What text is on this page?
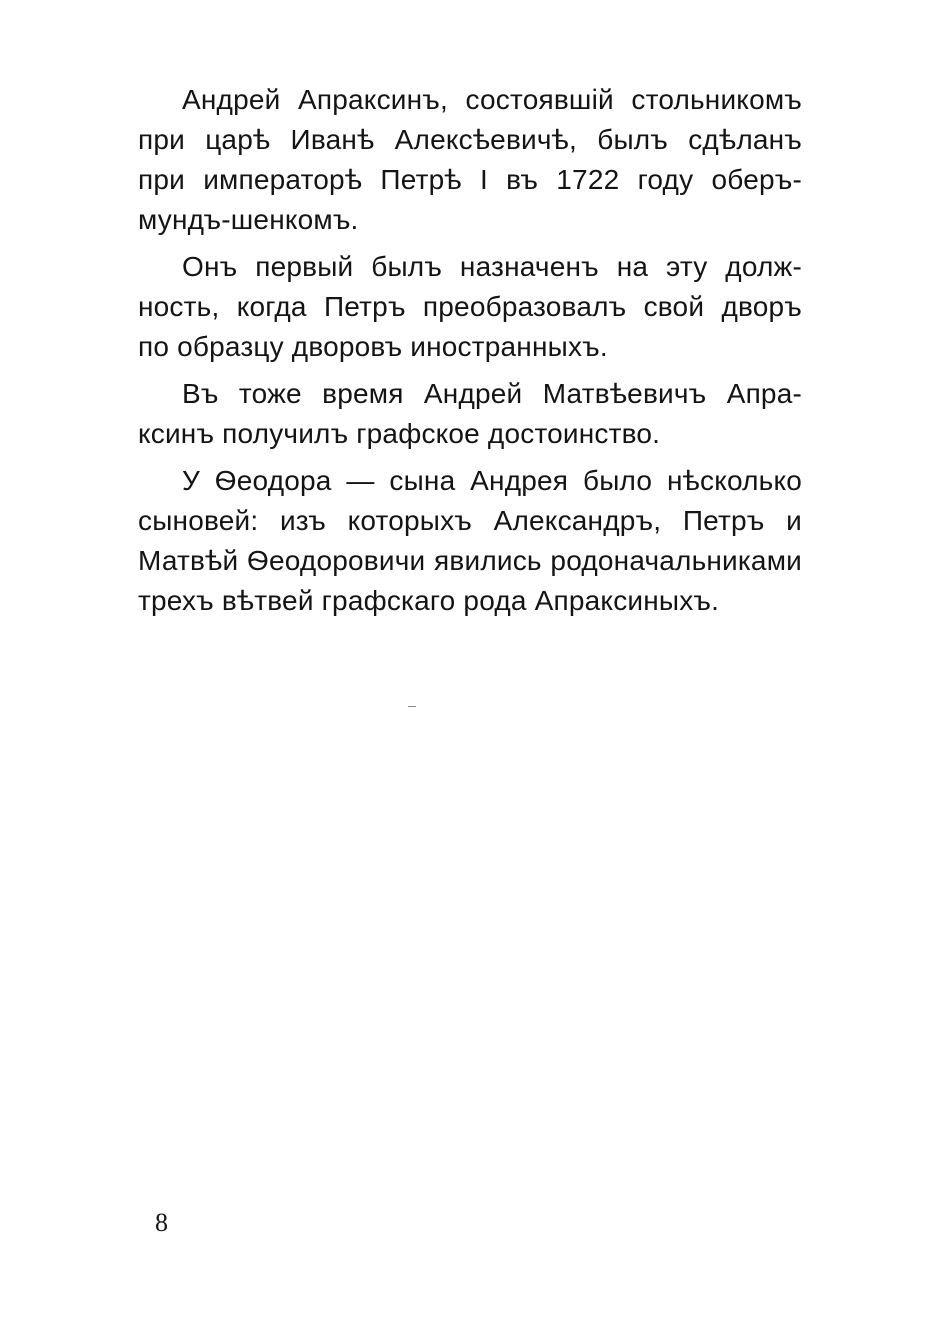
Андрей Апраксинъ, состоявшій стольникомъ
при царѣ Иванѣ Алексѣевичѣ, былъ сдѣланъ
при императорѣ Петрѣ I въ 1722 году оберъ-
мундъ-шенкомъ.
Онъ первый былъ назначенъ на эту долж-
ность, когда Петръ преобразовалъ свой дворъ
по образцу дворовъ иностранныхъ.
Въ тоже время Андрей Матвѣевичъ Апра-
ксинъ получилъ графское достоинство.
У Ѳеодора — сына Андрея было нѣсколько
сыновей: изъ которыхъ Александръ, Петръ и
Матвѣй Ѳеодоровичи явились родоначальниками
трехъ вѣтвей графскаго рода Апраксиныхъ.
8
